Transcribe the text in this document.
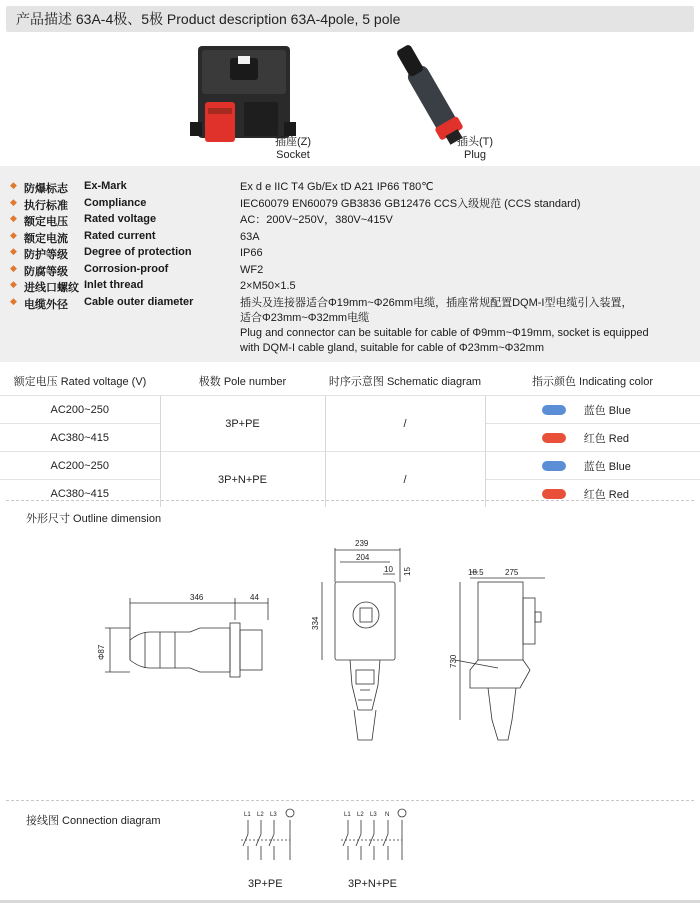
产品描述 63A-4极、5极 Product description 63A-4pole, 5 pole
插座(Z)
Socket
插头(T)
Plug
◆ 防爆标志 Ex-Mark	Ex d e IIC T4 Gb/Ex tD A21 IP66 T80℃
◆ 执行标准 Compliance	IEC60079 EN60079 GB3836 GB12476 CCS入级规范 (CCS standard)
◆ 额定电压 Rated voltage	AC：200V~250V，380V~415V
◆ 额定电流 Rated current	63A
◆ 防护等级 Degree of protection	IP66
◆ 防腐等级 Corrosion-proof	WF2
◆ 进线口螺纹 Inlet thread	2×M50×1.5
◆ 电缆外径 Cable outer diameter	插头及连接器适合Φ19mm~Φ26mm电缆，插座常规配置DQM-I型电缆引入装置，
适合Φ23mm~Φ32mm电缆
Plug and connector can be suitable for cable of Φ9mm~Φ19mm, socket is equipped
with DQM-I cable gland, suitable for cable of Φ23mm~Φ32mm
额定电压 Rated voltage (V)	极数 Pole number	时序示意图 Schematic diagram	指示颜色 Indicating color
AC200~250	3P+PE	/	蓝色 Blue

AC380~415			红色 Red

AC200~250	3P+N+PE	/	蓝色 Blue

AC380~415			红色 Red
外形尺寸 Outline dimension
346	44
Φ87
239
204
10 15
334
18.5	275
730
接线图 Connection diagram	L1 L2 L3
3P+PE
L1 L2 L3 N
3P+N+PE
